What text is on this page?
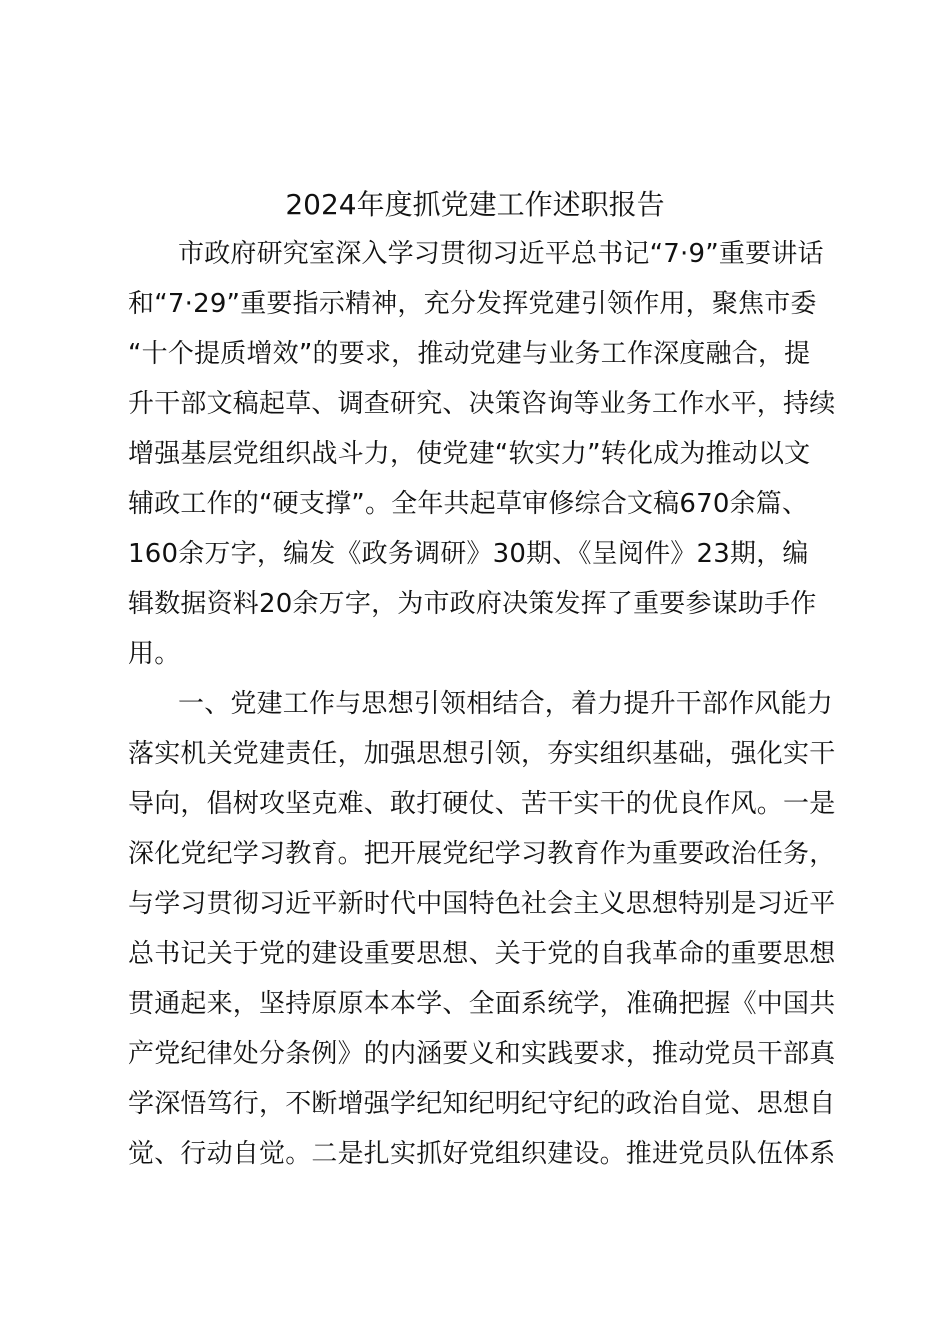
2024年度抓党建工作述职报告
市政府研究室深入学习贯彻习近平总书记“7·9”重要讲话
和“7·29”重要指示精神，充分发挥党建引领作用，聚焦市委
“十个提质增效”的要求，推动党建与业务工作深度融合，提
升干部文稿起草、调查研究、决策咨询等业务工作水平，持续
增强基层党组织战斗力，使党建“软实力”转化成为推动以文
辅政工作的“硬支撑”。全年共起草审修综合文稿670余篇、
160余万字，编发《政务调研》30期、《呈阅件》23期，编
辑数据资料20余万字，为市政府决策发挥了重要参谋助手作
用。
一、党建工作与思想引领相结合，着力提升干部作风能力
落实机关党建责任，加强思想引领，夯实组织基础，强化实干
导向，倡树攻坚克难、敢打硬仗、苦干实干的优良作风。一是
深化党纪学习教育。把开展党纪学习教育作为重要政治任务，
与学习贯彻习近平新时代中国特色社会主义思想特别是习近平
总书记关于党的建设重要思想、关于党的自我革命的重要思想
贯通起来，坚持原原本本学、全面系统学，准确把握《中国共
产党纪律处分条例》的内涵要义和实践要求，推动党员干部真
学深悟笃行，不断增强学纪知纪明纪守纪的政治自觉、思想自
觉、行动自觉。二是扎实抓好党组织建设。推进党员队伍体系
